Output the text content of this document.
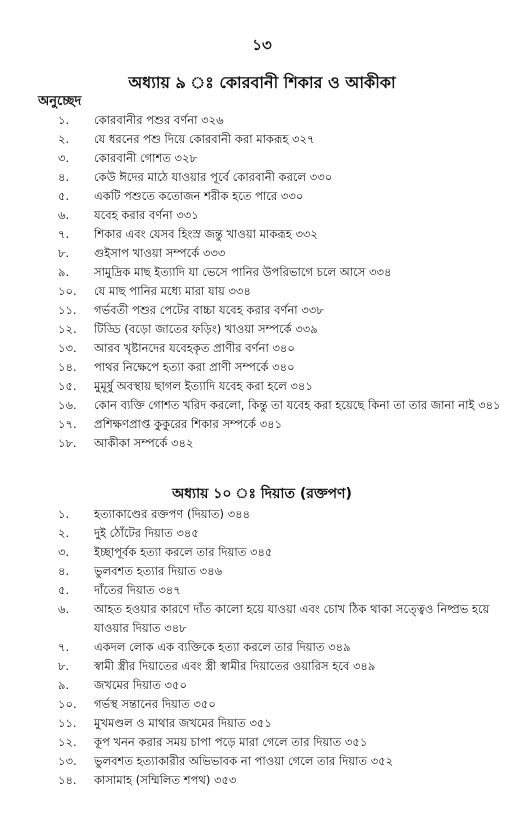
১৩
অধ্যায় ৯ ঃ কোরবানী শিকার ও আকীকা
অনুচ্ছেদ
১.	কোরবানীর পশুর বর্ণনা ৩২৬
২.	যে ধরনের পশু দিয়ে কোরবানী করা মাকরূহ ৩২৭
৩.	কোরবানী গোশত ৩২৮
৪.	কেউ ঈদের মাঠে যাওয়ার পূর্বে কোরবানী করলে ৩৩০
৫.	একটি পশুতে কতোজন শরীক হতে পারে ৩৩০
৬.	যবেহ করার বর্ণনা ৩৩১
৭.	শিকার এবং যেসব হিংস্র জন্তু খাওয়া মাকরূহ ৩৩২
৮.	গুইসাপ খাওয়া সম্পর্কে ৩৩৩
৯.	সামুদ্রিক মাছ ইত্যাদি যা ভেসে পানির উপরিভাগে চলে আসে ৩৩৪
১০.	যে মাছ পানির মধ্যে মারা যায় ৩৩৪
১১.	গর্ভবতী পশুর পেটের বাচ্চা যবেহ করার বর্ণনা ৩৩৮
১২.	টিড্ডি (বড়ো জাতের ফড়িং) খাওয়া সম্পর্কে ৩৩৯
১৩.	আরব খৃষ্টানদের যবেহকৃত প্রাণীর বর্ণনা ৩৪০
১৪.	পাথর নিক্ষেপে হত্যা করা প্রাণী সম্পর্কে ৩৪০
১৫.	মুমূর্ষু অবস্থায় ছাগল ইত্যাদি যবেহ করা হলে ৩৪১
১৬.	কোন ব্যক্তি গোশত খরিদ করলো, কিন্তু তা যবেহ করা হয়েছে কিনা তা তার জানা নাই ৩৪১
১৭.	প্রশিক্ষণপ্রাপ্ত কুকুরের শিকার সম্পর্কে ৩৪১
১৮.	আকীকা সম্পর্কে ৩৪২
অধ্যায় ১০ ঃ দিয়াত (রক্তপণ)
১.	হত্যাকাণ্ডের রক্তপণ (দিয়াত) ৩৪৪
২.	দুই ঠোঁটের দিয়াত ৩৪৫
৩.	ইচ্ছাপূর্বক হত্যা করলে তার দিয়াত ৩৪৫
৪.	ভুলবশত হত্যার দিয়াত ৩৪৬
৫.	দাঁতের দিয়াত ৩৪৭
৬.	আহত হওয়ার কারণে দাঁত কালো হয়ে যাওয়া এবং চোখ ঠিক থাকা সত্ত্বেও নিষ্প্রভ হয়ে যাওয়ার দিয়াত ৩৪৮
৭.	একদল লোক এক ব্যক্তিকে হত্যা করলে তার দিয়াত ৩৪৯
৮.	স্বামী স্ত্রীর দিয়াতের এবং স্ত্রী স্বামীর দিয়াতের ওয়ারিস হবে ৩৪৯
৯.	জখমের দিয়াত ৩৫০
১০.	গর্ভস্থ সন্তানের দিয়াত ৩৫০
১১.	মুখমণ্ডল ও মাথার জখমের দিয়াত ৩৫১
১২.	কূপ খনন করার সময় চাপা পড়ে মারা গেলে তার দিয়াত ৩৫১
১৩.	ভুলবশত হত্যাকারীর অভিভাবক না পাওয়া গেলে তার দিয়াত ৩৫২
১৪.	কাসামাহ (সম্মিলিত শপথ) ৩৫৩
